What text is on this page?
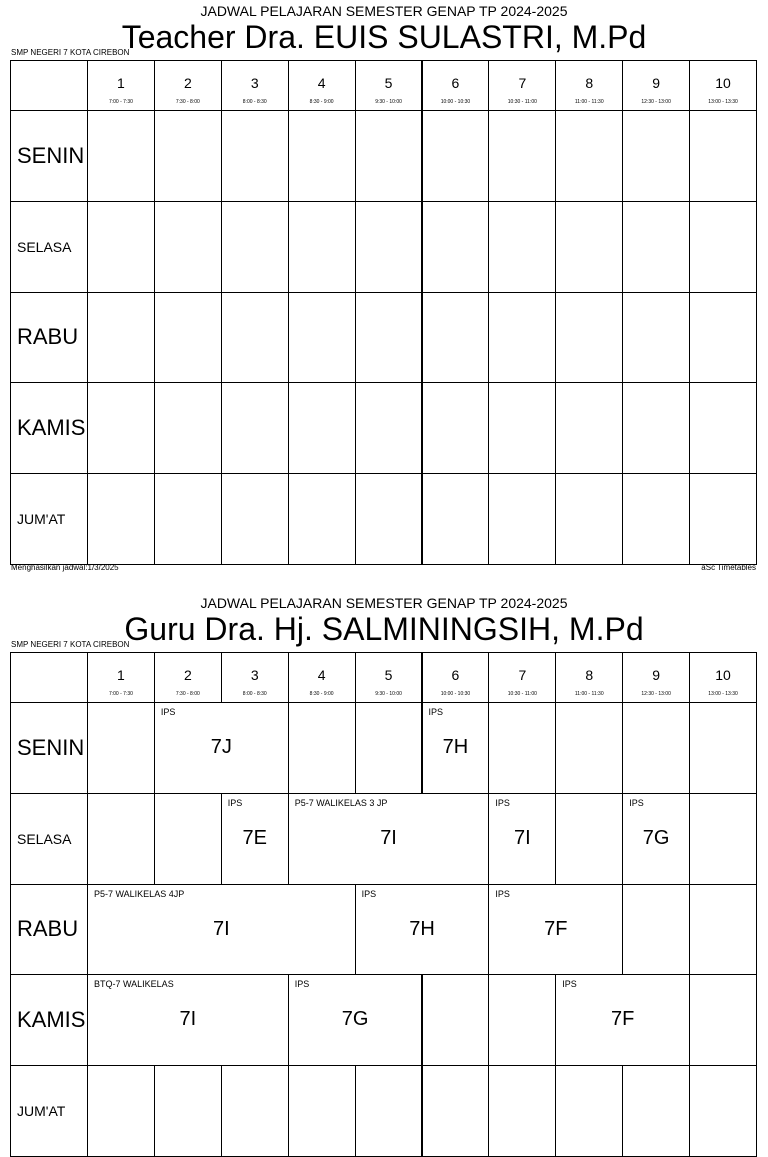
JADWAL PELAJARAN SEMESTER GENAP TP 2024-2025
Teacher Dra. EUIS SULASTRI, M.Pd
SMP NEGERI 7 KOTA CIREBON
1
7:00 - 7:30
2
7:30 - 8:00
3
8:00 - 8:30
4
8:30 - 9:00
5
9:30 - 10:00
6
10:00 - 10:30
7
10:30 - 11:00
8
11:00 - 11:30
9
12:30 - 13:00
10
13:00 - 13:30
SENIN
SELASA
RABU
KAMIS
JUM'AT
Menghasilkan jadwal:1/3/2025	aSc Timetables
JADWAL PELAJARAN SEMESTER GENAP TP 2024-2025
Guru Dra. Hj. SALMININGSIH, M.Pd
SMP NEGERI 7 KOTA CIREBON
1
7:00 - 7:30
2
7:30 - 8:00
3
8:00 - 8:30
4
8:30 - 9:00
5
9:30 - 10:00
6
10:00 - 10:30
7
10:30 - 11:00
8
11:00 - 11:30
9
12:30 - 13:00
10
13:00 - 13:30
SENIN
IPS
7J
IPS
7H
SELASA
IPS
7E
P5-7 WALIKELAS 3 JP
7I
IPS
7I
IPS
7G
RABU
P5-7 WALIKELAS 4JP
7I
IPS
7H
IPS
7F
KAMIS
BTQ-7 WALIKELAS
7I
IPS
7G
IPS
7F
JUM'AT
